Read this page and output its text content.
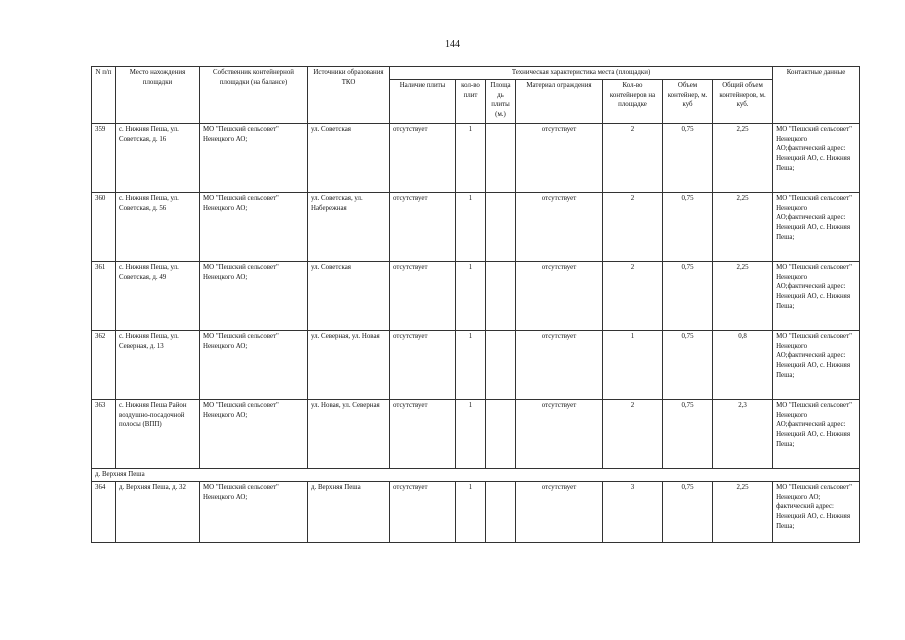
144
N п/п	Место нахождения площадки	Собственник контейнерной площадки (на балансе)	Источники образования ТКО	Техническая характеристика места (площадки)							Контактные данные
				Наличие плиты	кол-во плит	Площадь плиты (м.)	Материал ограждения	Кол-во контейнеров на площадке	Объем контейнер, м. куб	Общий объем контейнеров, м. куб.	
359	с. Нижняя Пеша, ул. Советская, д. 16	МО "Пешский сельсовет" Ненецкого АО;	ул. Советская	отсутствует	1		отсутствует	2	0,75	2,25	МО "Пешский сельсовет" Ненецкого АО;фактический адрес: Ненецкий АО, с. Нижняя Пеша;
360	с. Нижняя Пеша, ул. Советская, д. 56	МО "Пешский сельсовет" Ненецкого АО;	ул. Советская, ул. Набережная	отсутствует	1		отсутствует	2	0,75	2,25	МО "Пешский сельсовет" Ненецкого АО;фактический адрес: Ненецкий АО, с. Нижняя Пеша;
361	с. Нижняя Пеша, ул. Советская, д. 49	МО "Пешский сельсовет" Ненецкого АО;	ул. Советская	отсутствует	1		отсутствует	2	0,75	2,25	МО "Пешский сельсовет" Ненецкого АО;фактический адрес: Ненецкий АО, с. Нижняя Пеша;
362	с. Нижняя Пеша, ул. Северная, д. 13	МО "Пешский сельсовет" Ненецкого АО;	ул. Северная, ул. Новая	отсутствует	1		отсутствует	1	0,75	0,8	МО "Пешский сельсовет" Ненецкого АО;фактический адрес: Ненецкий АО, с. Нижняя Пеша;
363	с. Нижняя Пеша Район воздушно-посадочной полосы (ВПП)	МО "Пешский сельсовет" Ненецкого АО;	ул. Новая, ул. Северная	отсутствует	1		отсутствует	2	0,75	2,3	МО "Пешский сельсовет" Ненецкого АО;фактический адрес: Ненецкий АО, с. Нижняя Пеша;
д. Верхняя Пеша											
364	д. Верхняя Пеша, д. 32	МО "Пешский сельсовет" Ненецкого АО;	д. Верхняя Пеша	отсутствует	1		отсутствует	3	0,75	2,25	МО "Пешский сельсовет" Ненецкого АО; фактический адрес: Ненецкий АО, с. Нижняя Пеша;
